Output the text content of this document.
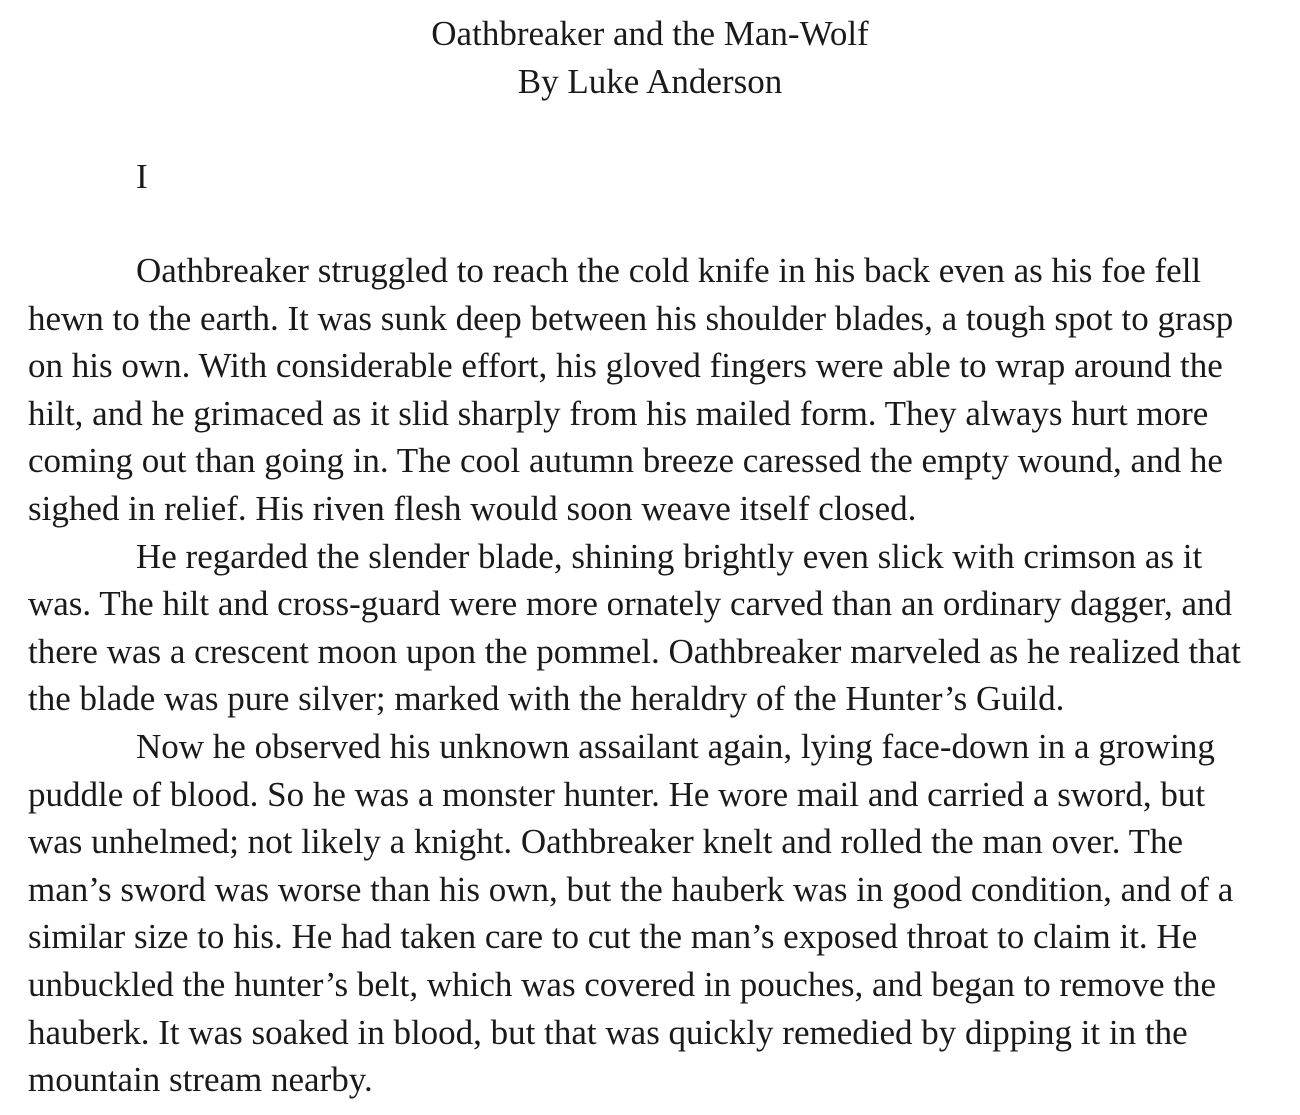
Oathbreaker and the Man-Wolf
By Luke Anderson
I
Oathbreaker struggled to reach the cold knife in his back even as his foe fell
hewn to the earth. It was sunk deep between his shoulder blades, a tough spot to grasp
on his own. With considerable effort, his gloved fingers were able to wrap around the
hilt, and he grimaced as it slid sharply from his mailed form. They always hurt more
coming out than going in. The cool autumn breeze caressed the empty wound, and he
sighed in relief. His riven flesh would soon weave itself closed.
He regarded the slender blade, shining brightly even slick with crimson as it
was. The hilt and cross-guard were more ornately carved than an ordinary dagger, and
there was a crescent moon upon the pommel. Oathbreaker marveled as he realized that
the blade was pure silver; marked with the heraldry of the Hunter’s Guild.
Now he observed his unknown assailant again, lying face-down in a growing
puddle of blood. So he was a monster hunter. He wore mail and carried a sword, but
was unhelmed; not likely a knight. Oathbreaker knelt and rolled the man over. The
man’s sword was worse than his own, but the hauberk was in good condition, and of a
similar size to his. He had taken care to cut the man’s exposed throat to claim it. He
unbuckled the hunter’s belt, which was covered in pouches, and began to remove the
hauberk. It was soaked in blood, but that was quickly remedied by dipping it in the
mountain stream nearby.
